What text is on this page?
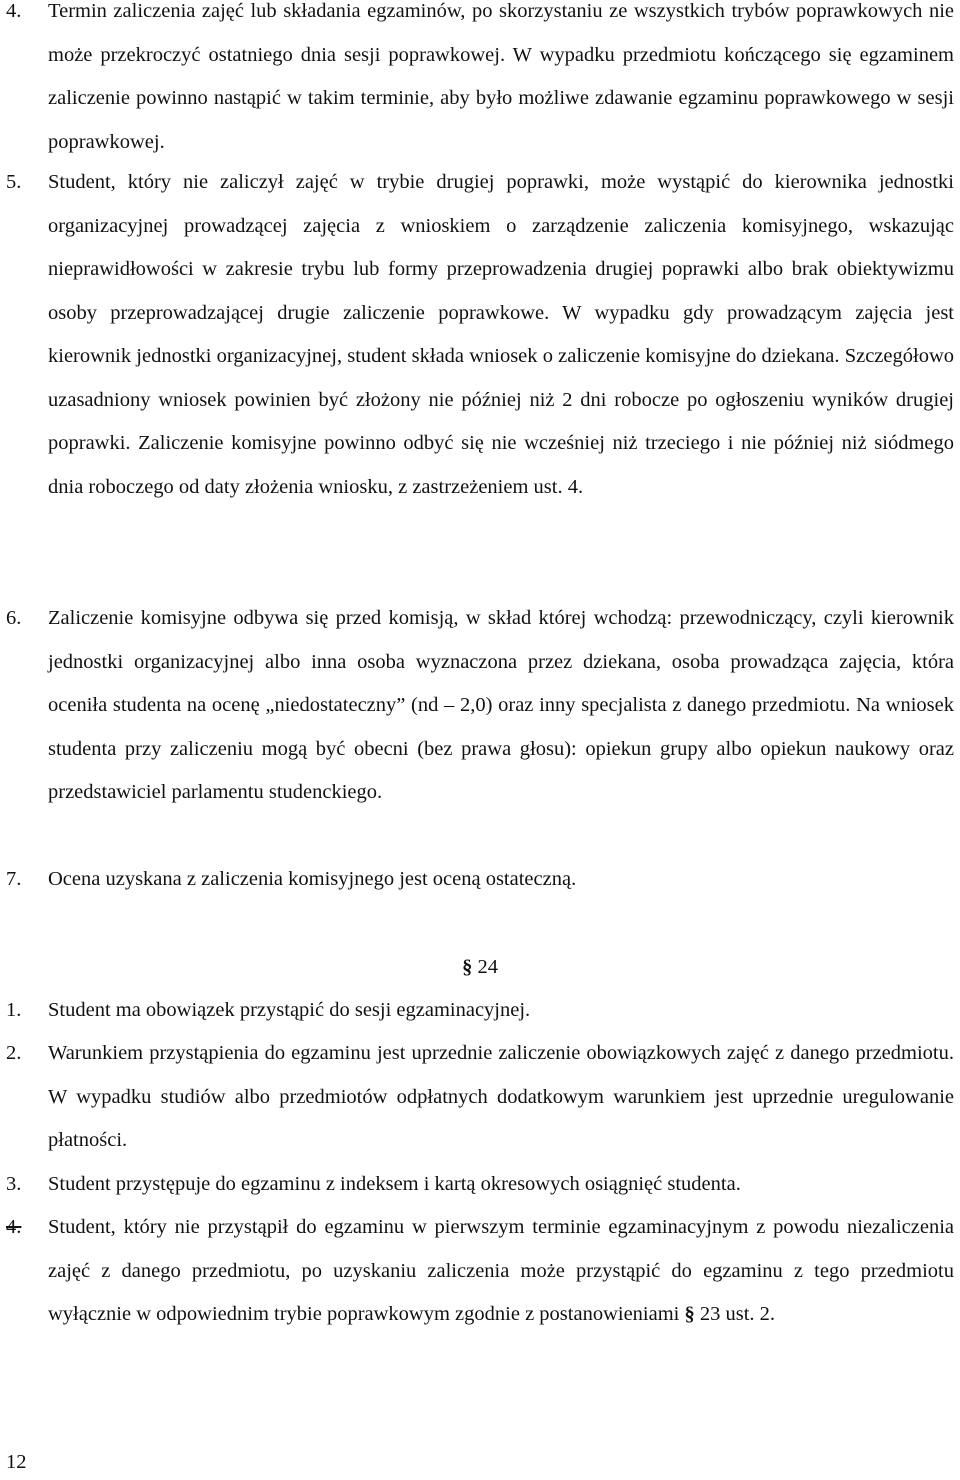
4. Termin zaliczenia zajęć lub składania egzaminów, po skorzystaniu ze wszystkich trybów poprawkowych nie może przekroczyć ostatniego dnia sesji poprawkowej. W wypadku przedmiotu kończącego się egzaminem zaliczenie powinno nastąpić w takim terminie, aby było możliwe zdawanie egzaminu poprawkowego w sesji poprawkowej.
5. Student, który nie zaliczył zajęć w trybie drugiej poprawki, może wystąpić do kierownika jednostki organizacyjnej prowadzącej zajęcia z wnioskiem o zarządzenie zaliczenia komisyjnego, wskazując nieprawidłowości w zakresie trybu lub formy przeprowadzenia drugiej poprawki albo brak obiektywizmu osoby przeprowadzającej drugie zaliczenie poprawkowe. W wypadku gdy prowadzącym zajęcia jest kierownik jednostki organizacyjnej, student składa wniosek o zaliczenie komisyjne do dziekana. Szczegółowo uzasadniony wniosek powinien być złożony nie później niż 2 dni robocze po ogłoszeniu wyników drugiej poprawki. Zaliczenie komisyjne powinno odbyć się nie wcześniej niż trzeciego i nie później niż siódmego dnia roboczego od daty złożenia wniosku, z zastrzeżeniem ust. 4.
6. Zaliczenie komisyjne odbywa się przed komisją, w skład której wchodzą: przewodniczący, czyli kierownik jednostki organizacyjnej albo inna osoba wyznaczona przez dziekana, osoba prowadząca zajęcia, która oceniła studenta na ocenę „niedostateczny” (nd – 2,0) oraz inny specjalista z danego przedmiotu. Na wniosek studenta przy zaliczeniu mogą być obecni (bez prawa głosu): opiekun grupy albo opiekun naukowy oraz przedstawiciel parlamentu studenckiego.
7. Ocena uzyskana z zaliczenia komisyjnego jest oceną ostateczną.
§ 24
1. Student ma obowiązek przystąpić do sesji egzaminacyjnej.
2. Warunkiem przystąpienia do egzaminu jest uprzednie zaliczenie obowiązkowych zajęć z danego przedmiotu. W wypadku studiów albo przedmiotów odpłatnych dodatkowym warunkiem jest uprzednie uregulowanie płatności.
3. Student przystępuje do egzaminu z indeksem i kartą okresowych osiągnięć studenta.
4. Student, który nie przystąpił do egzaminu w pierwszym terminie egzaminacyjnym z powodu niezaliczenia zajęć z danego przedmiotu, po uzyskaniu zaliczenia może przystąpić do egzaminu z tego przedmiotu wyłącznie w odpowiednim trybie poprawkowym zgodnie z postanowieniami § 23 ust. 2.
12
